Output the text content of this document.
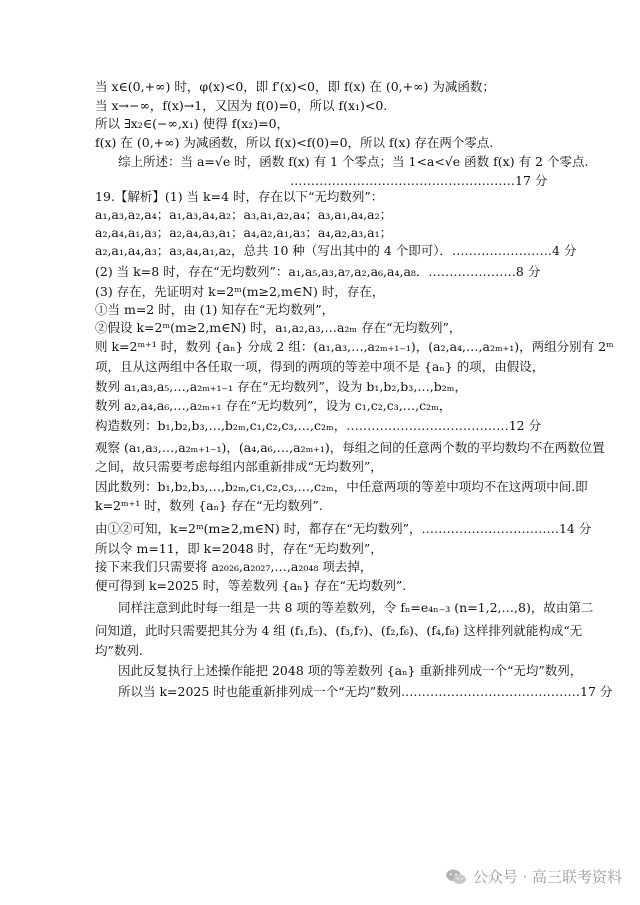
当 x∈(0,+∞) 时，φ(x)<0，即 f′(x)<0，即 f(x) 在 (0,+∞) 为减函数；
当 x→−∞，f(x)→1，又因为 f(0)=0，所以 f(x₁)<0.
所以 ∃x₂∈(−∞,x₁) 使得 f(x₂)=0，
f(x) 在 (0,+∞) 为减函数，所以 f(x)<f(0)=0，所以 f(x) 存在两个零点.
综上所述：当 a=√e 时，函数 f(x) 有 1 个零点；当 1<a<√e 函数 f(x) 有 2 个零点.
………………………………………………17 分
19.【解析】(1) 当 k=4 时，存在以下“无均数列”：
a₁,a₃,a₂,a₄；a₁,a₃,a₄,a₂；a₃,a₁,a₂,a₄；a₃,a₁,a₄,a₂；
a₂,a₄,a₁,a₃；a₂,a₄,a₃,a₁；a₄,a₂,a₁,a₃；a₄,a₂,a₃,a₁；
a₂,a₁,a₄,a₃；a₃,a₄,a₁,a₂，总共 10 种（写出其中的 4 个即可）．……………………4 分
(2) 当 k=8 时，存在“无均数列”：a₁,a₅,a₃,a₇,a₂,a₆,a₄,a₈．…………………8 分
(3) 存在，先证明对 k=2ᵐ(m≥2,m∈N) 时，存在，
①当 m=2 时，由 (1) 知存在“无均数列”，
②假设 k=2ᵐ(m≥2,m∈N) 时，a₁,a₂,a₃,…a₂ₘ 存在“无均数列”，
则 k=2ᵐ⁺¹ 时，数列 {aₙ} 分成 2 组：(a₁,a₃,…,a₂ₘ₊₁₋₁)，(a₂,a₄,…,a₂ₘ₊₁)，两组分别有 2ᵐ
项，且从这两组中各任取一项，得到的两项的等差中项不是 {aₙ} 的项，由假设，
数列 a₁,a₃,a₅,…,a₂ₘ₊₁₋₁ 存在“无均数列”，设为 b₁,b₂,b₃,…,b₂ₘ，
数列 a₂,a₄,a₆,…,a₂ₘ₊₁ 存在“无均数列”，设为 c₁,c₂,c₃,…,c₂ₘ，
构造数列：b₁,b₂,b₃,…,b₂ₘ,c₁,c₂,c₃,…,c₂ₘ，…………………………………12 分
观察 (a₁,a₃,…,a₂ₘ₊₁₋₁)，(a₄,a₆,…,a₂ₘ₊₁)，每组之间的任意两个数的平均数均不在两数位置
之间，故只需要考虑每组内部重新排成“无均数列”，
因此数列：b₁,b₂,b₃,…,b₂ₘ,c₁,c₂,c₃,…,c₂ₘ，中任意两项的等差中项均不在这两项中间.即
k=2ᵐ⁺¹ 时，数列 {aₙ} 存在“无均数列”.
由①②可知，k=2ᵐ(m≥2,m∈N) 时，都存在“无均数列”，……………………………14 分
所以令 m=11，即 k=2048 时，存在“无均数列”，
接下来我们只需要将 a₂₀₂₆,a₂₀₂₇,…,a₂₀₄₈ 项去掉，
便可得到 k=2025 时，等差数列 {aₙ} 存在“无均数列”.
同样注意到此时每一组是一共 8 项的等差数列，令 fₙ=e₄ₙ₋₃ (n=1,2,…,8)，故由第二
问知道，此时只需要把其分为 4 组 (f₁,f₅)、(f₃,f₇)、(f₂,f₆)、(f₄,f₈) 这样排列就能构成“无
均”数列.
因此反复执行上述操作能把 2048 项的等差数列 {aₙ} 重新排列成一个“无均”数列，
所以当 k=2025 时也能重新排列成一个“无均”数列.……………………………………17 分
公众号 · 高三联考资料
